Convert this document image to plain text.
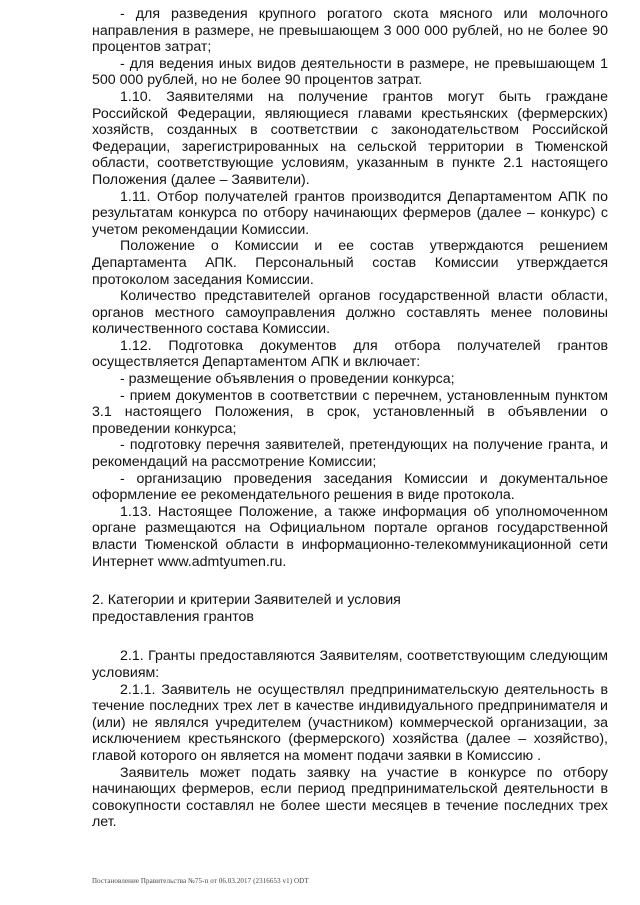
- для разведения крупного рогатого скота мясного или молочного направления в размере, не превышающем 3 000 000 рублей, но не более 90 процентов затрат;

- для ведения иных видов деятельности в размере, не превышающем 1 500 000 рублей, но не более 90 процентов затрат.

1.10. Заявителями на получение грантов могут быть граждане Российской Федерации, являющиеся главами крестьянских (фермерских) хозяйств, созданных в соответствии с законодательством Российской Федерации, зарегистрированных на сельской территории в Тюменской области, соответствующие условиям, указанным в пункте 2.1 настоящего Положения (далее – Заявители).

1.11. Отбор получателей грантов производится Департаментом АПК по результатам конкурса по отбору начинающих фермеров (далее – конкурс) с учетом рекомендации Комиссии.

Положение о Комиссии и ее состав утверждаются решением Департамента АПК. Персональный состав Комиссии утверждается протоколом заседания Комиссии.

Количество представителей органов государственной власти области, органов местного самоуправления должно составлять менее половины количественного состава Комиссии.

1.12. Подготовка документов для отбора получателей грантов осуществляется Департаментом АПК и включает:

- размещение объявления о проведении конкурса;

- прием документов в соответствии с перечнем, установленным пунктом 3.1 настоящего Положения, в срок, установленный в объявлении о проведении конкурса;

- подготовку перечня заявителей, претендующих на получение гранта, и рекомендаций на рассмотрение Комиссии;

- организацию проведения заседания Комиссии и документальное оформление ее рекомендательного решения в виде протокола.

1.13. Настоящее Положение, а также информация об уполномоченном органе размещаются на Официальном портале органов государственной власти Тюменской области в информационно-телекоммуникационной сети Интернет www.admtyumen.ru.

2. Категории и критерии Заявителей и условия
предоставления грантов

2.1. Гранты предоставляются Заявителям, соответствующим следующим условиям:

2.1.1. Заявитель не осуществлял предпринимательскую деятельность в течение последних трех лет в качестве индивидуального предпринимателя и (или) не являлся учредителем (участником) коммерческой организации, за исключением крестьянского (фермерского) хозяйства (далее – хозяйство), главой которого он является на момент подачи заявки в Комиссию .

Заявитель может подать заявку на участие в конкурсе по отбору начинающих фермеров, если период предпринимательской деятельности в совокупности составлял не более шести месяцев в течение последних трех лет.

Постановление Правительства №75-п от 06.03.2017 (2316653 v1) ODT
